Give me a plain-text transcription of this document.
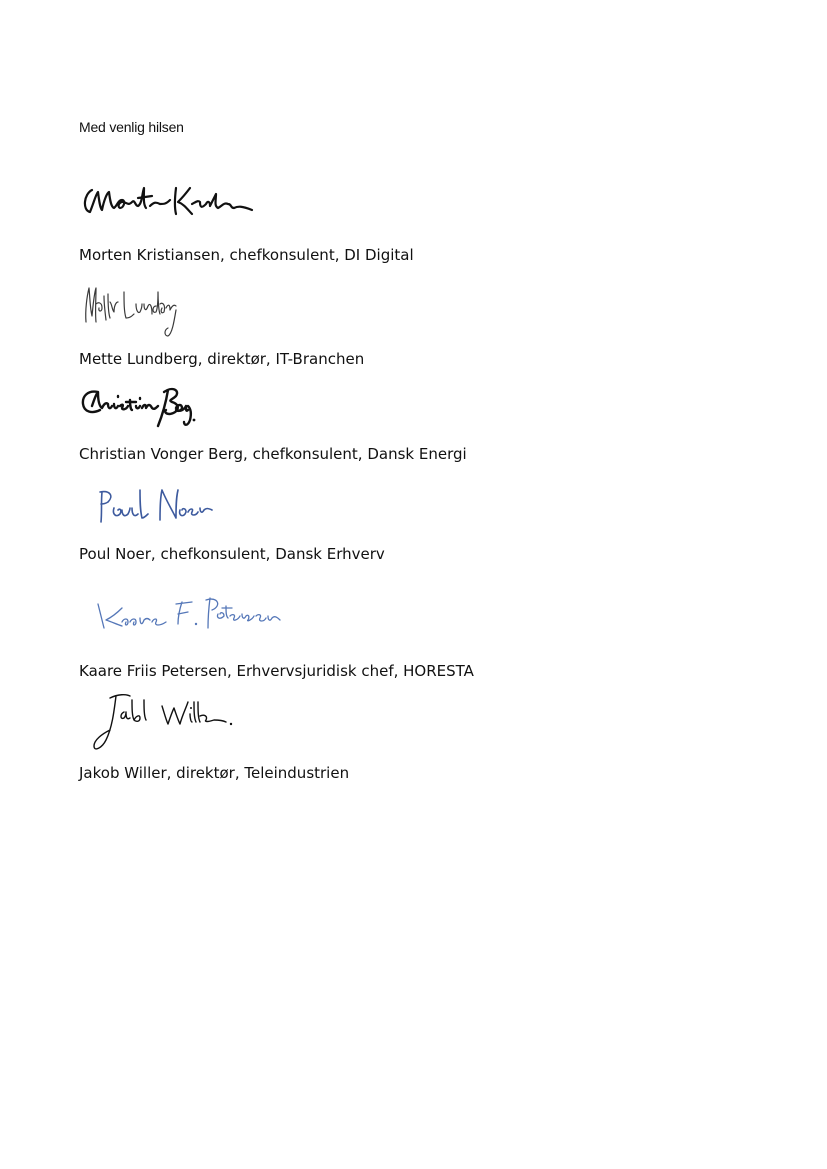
Med venlig hilsen
Morten Kristiansen, chefkonsulent, DI Digital
Mette Lundberg, direktør, IT-Branchen
Christian Vonger Berg, chefkonsulent, Dansk Energi
Poul Noer, chefkonsulent, Dansk Erhverv
Kaare Friis Petersen, Erhvervsjuridisk chef, HORESTA
Jakob Willer, direktør, Teleindustrien
